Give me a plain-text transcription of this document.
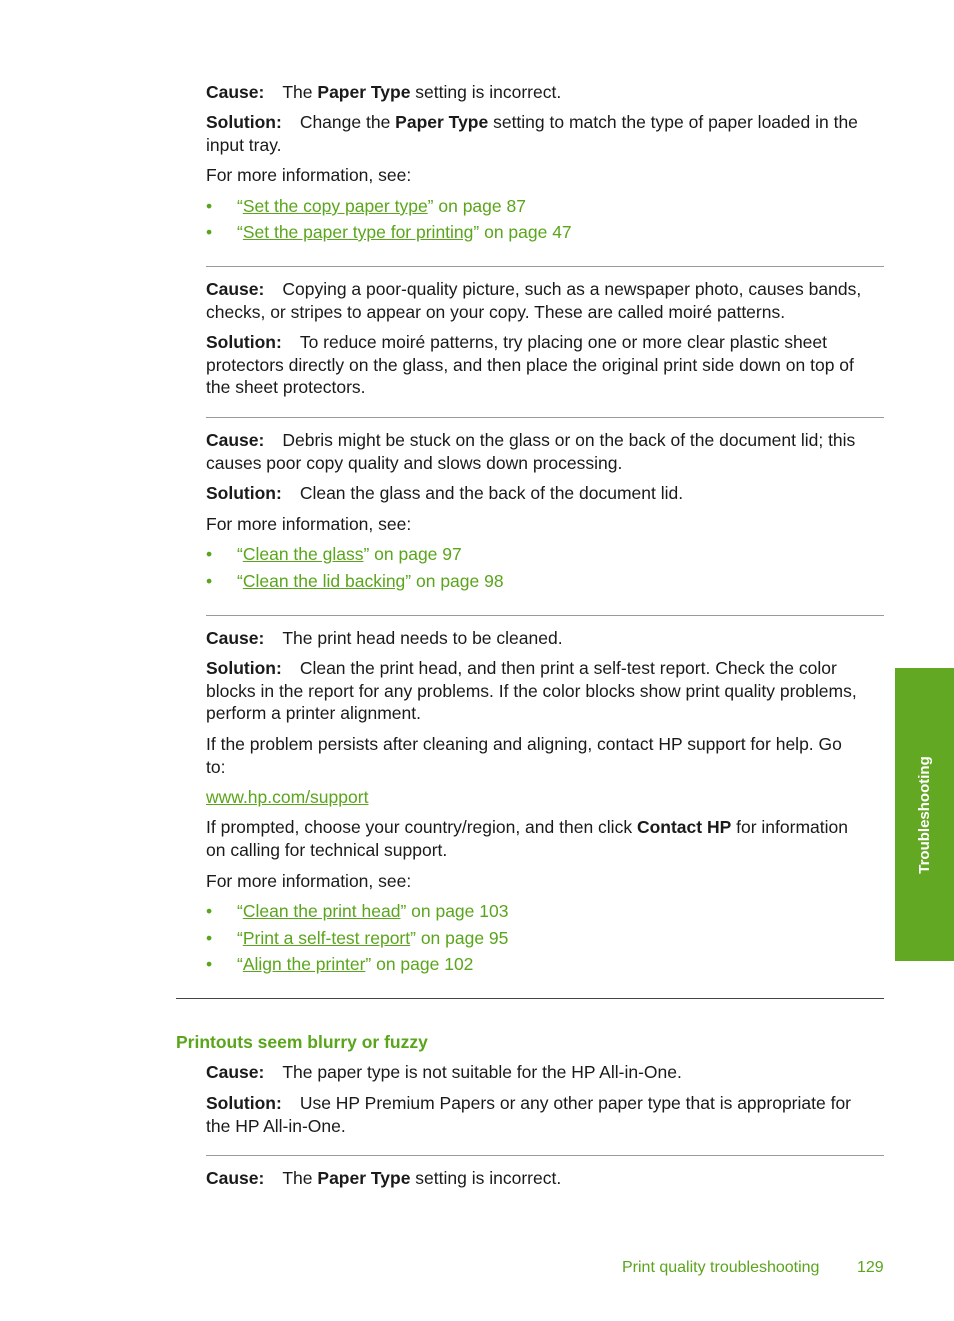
Cause: The Paper Type setting is incorrect.

Solution: Change the Paper Type setting to match the type of paper loaded in the
input tray.

For more information, see:

• “Set the copy paper type” on page 87
• “Set the paper type for printing” on page 47

Cause: Copying a poor-quality picture, such as a newspaper photo, causes bands,
checks, or stripes to appear on your copy. These are called moiré patterns.

Solution: To reduce moiré patterns, try placing one or more clear plastic sheet
protectors directly on the glass, and then place the original print side down on top of
the sheet protectors.

Cause: Debris might be stuck on the glass or on the back of the document lid; this
causes poor copy quality and slows down processing.

Solution: Clean the glass and the back of the document lid.

For more information, see:

• “Clean the glass” on page 97
• “Clean the lid backing” on page 98

Cause: The print head needs to be cleaned.

Solution: Clean the print head, and then print a self-test report. Check the color
blocks in the report for any problems. If the color blocks show print quality problems,
perform a printer alignment.

If the problem persists after cleaning and aligning, contact HP support for help. Go
to:

www.hp.com/support

If prompted, choose your country/region, and then click Contact HP for information
on calling for technical support.

For more information, see:

• “Clean the print head” on page 103
• “Print a self-test report” on page 95
• “Align the printer” on page 102

Printouts seem blurry or fuzzy

Cause: The paper type is not suitable for the HP All-in-One.

Solution: Use HP Premium Papers or any other paper type that is appropriate for
the HP All-in-One.

Cause: The Paper Type setting is incorrect.

Troubleshooting
Print quality troubleshooting 129
